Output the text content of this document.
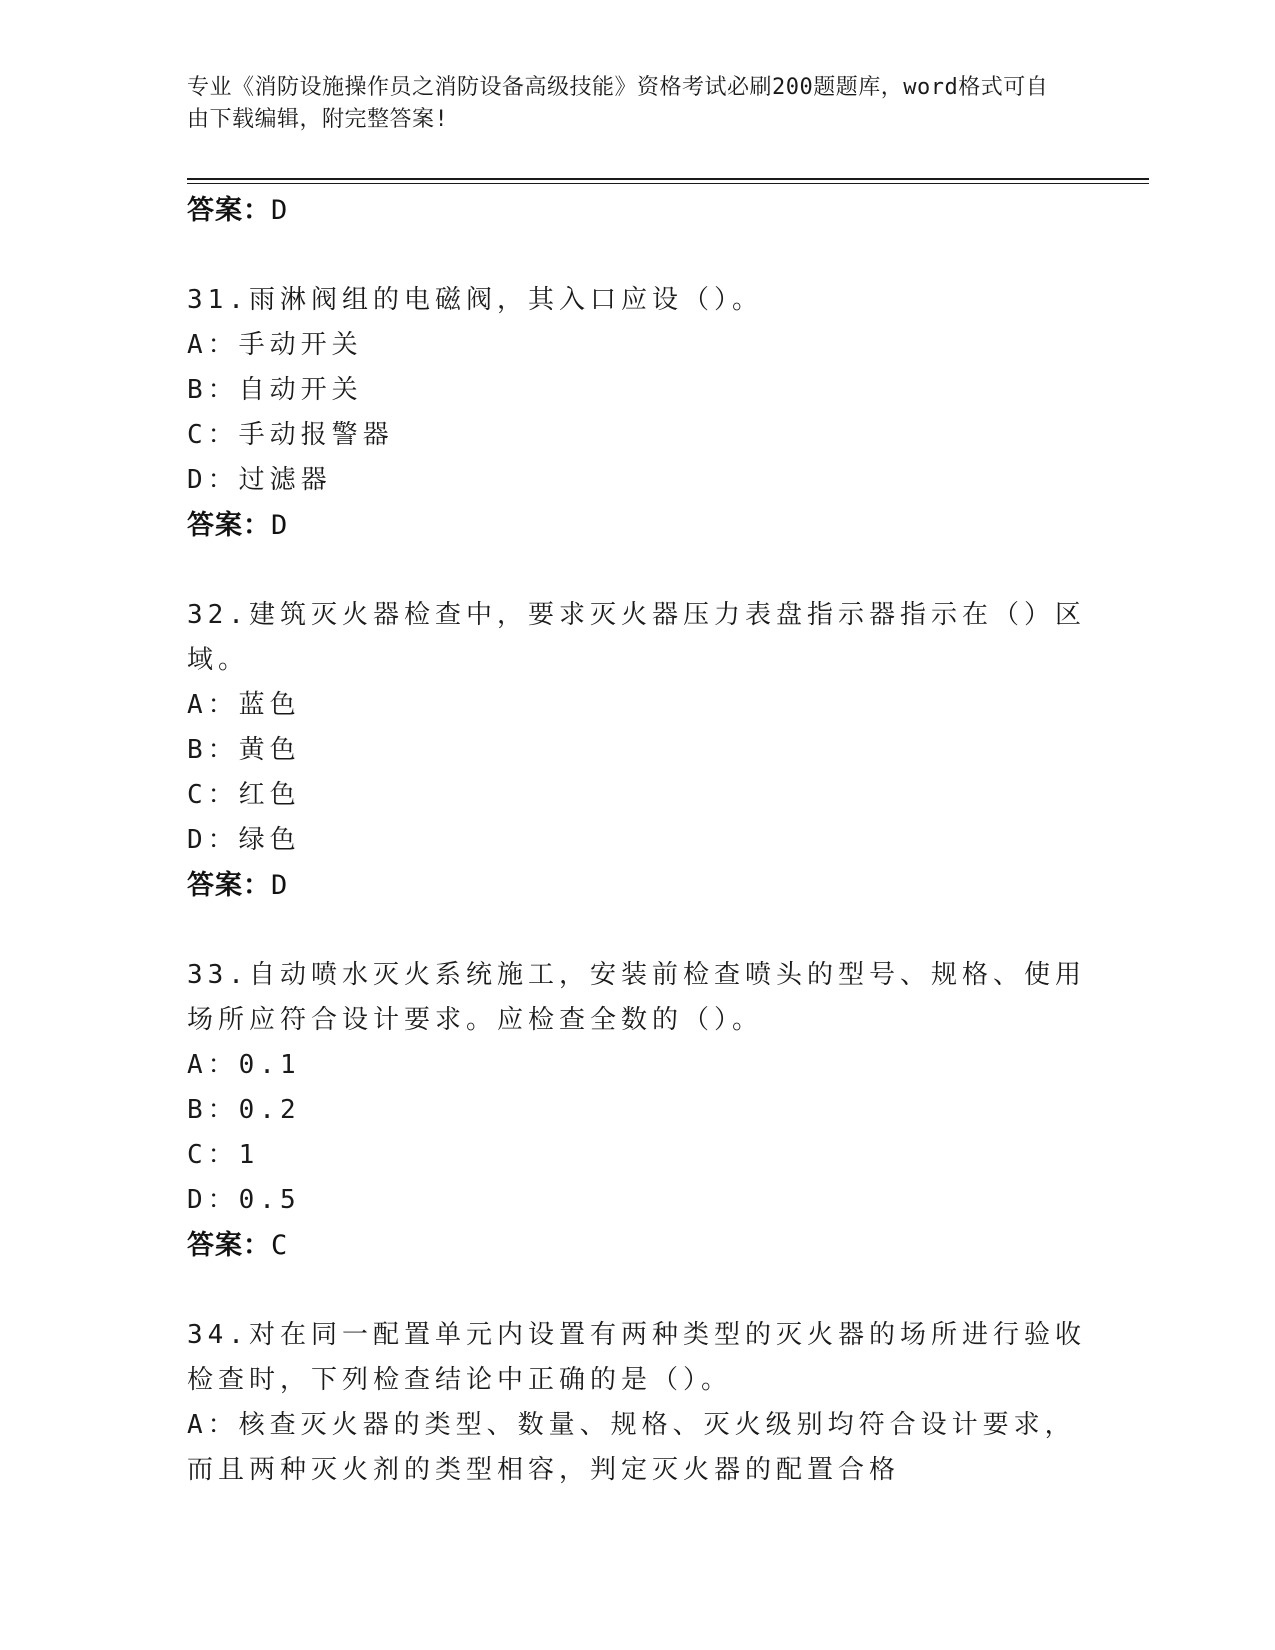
专业《消防设施操作员之消防设备高级技能》资格考试必刷200题题库，word格式可自由下载编辑，附完整答案!
答案：D
31.雨淋阀组的电磁阀，其入口应设（）。
A：手动开关
B：自动开关
C：手动报警器
D：过滤器
答案：D
32.建筑灭火器检查中，要求灭火器压力表盘指示器指示在（）区域。
A：蓝色
B：黄色
C：红色
D：绿色
答案：D
33.自动喷水灭火系统施工，安装前检查喷头的型号、规格、使用场所应符合设计要求。应检查全数的（）。
A：0.1
B：0.2
C：1
D：0.5
答案：C
34.对在同一配置单元内设置有两种类型的灭火器的场所进行验收检查时，下列检查结论中正确的是（）。
A：核查灭火器的类型、数量、规格、灭火级别均符合设计要求，而且两种灭火剂的类型相容，判定灭火器的配置合格
